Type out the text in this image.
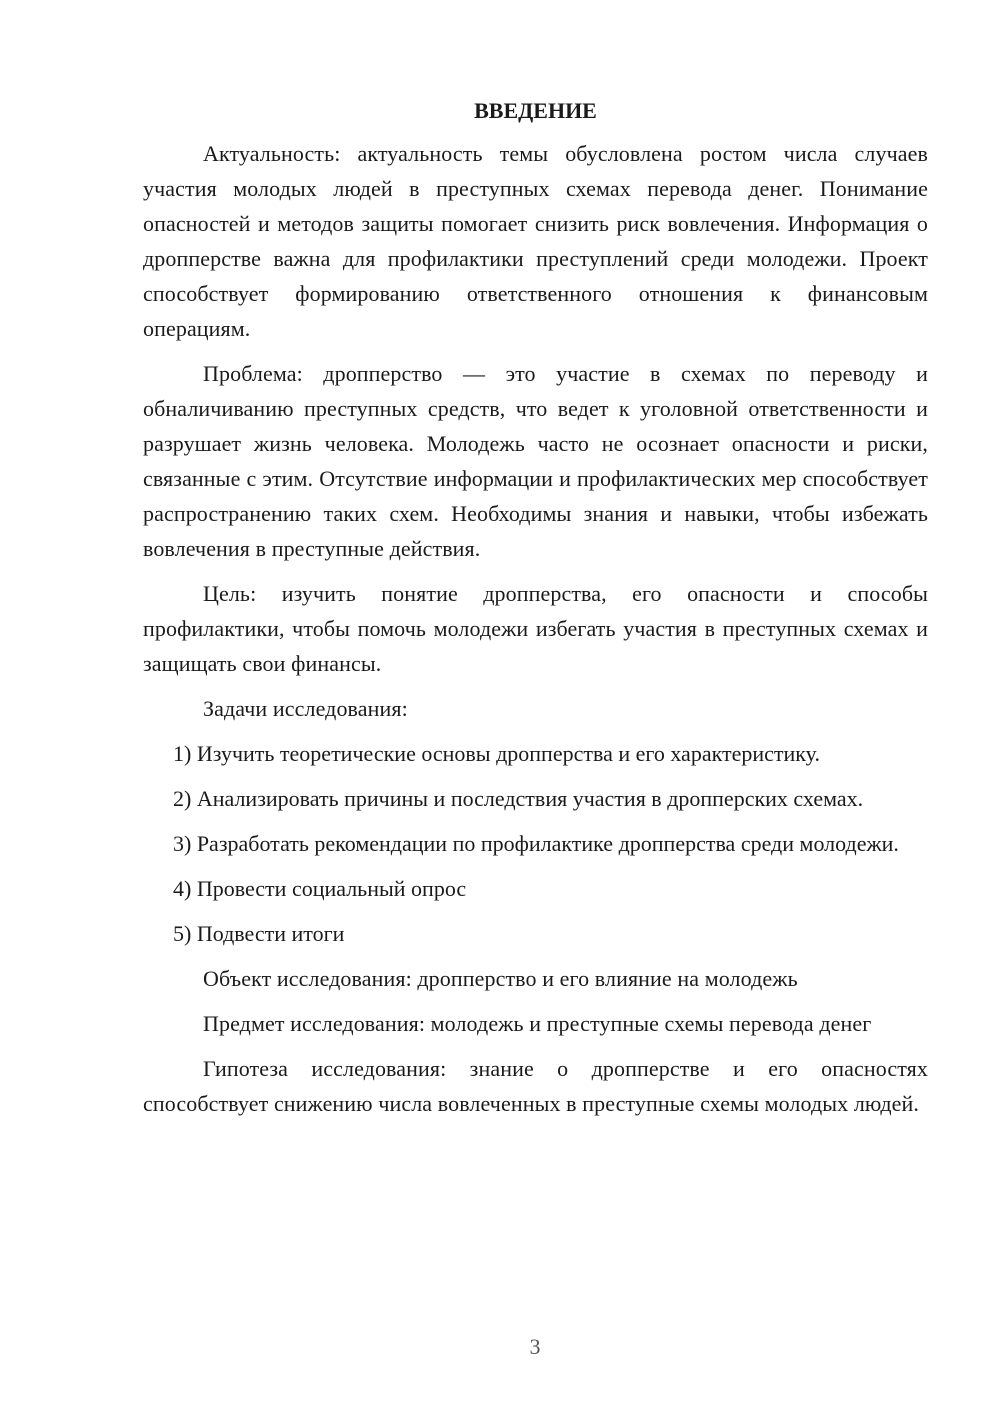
ВВЕДЕНИЕ

Актуальность: актуальность темы обусловлена ростом числа случаев участия молодых людей в преступных схемах перевода денег. Понимание опасностей и методов защиты помогает снизить риск вовлечения. Информация о дропперстве важна для профилактики преступлений среди молодежи. Проект способствует формированию ответственного отношения к финансовым операциям.

Проблема: дропперство — это участие в схемах по переводу и обналичиванию преступных средств, что ведет к уголовной ответственности и разрушает жизнь человека. Молодежь часто не осознает опасности и риски, связанные с этим. Отсутствие информации и профилактических мер способствует распространению таких схем. Необходимы знания и навыки, чтобы избежать вовлечения в преступные действия.

Цель: изучить понятие дропперства, его опасности и способы профилактики, чтобы помочь молодежи избегать участия в преступных схемах и защищать свои финансы.

Задачи исследования:

1) Изучить теоретические основы дропперства и его характеристику.

2) Анализировать причины и последствия участия в дропперских схемах.

3) Разработать рекомендации по профилактике дропперства среди молодежи.

4) Провести социальный опрос

5) Подвести итоги

Объект исследования: дропперство и его влияние на молодежь

Предмет исследования: молодежь и преступные схемы перевода денег

Гипотеза исследования: знание о дропперстве и его опасностях способствует снижению числа вовлеченных в преступные схемы молодых людей.

3
